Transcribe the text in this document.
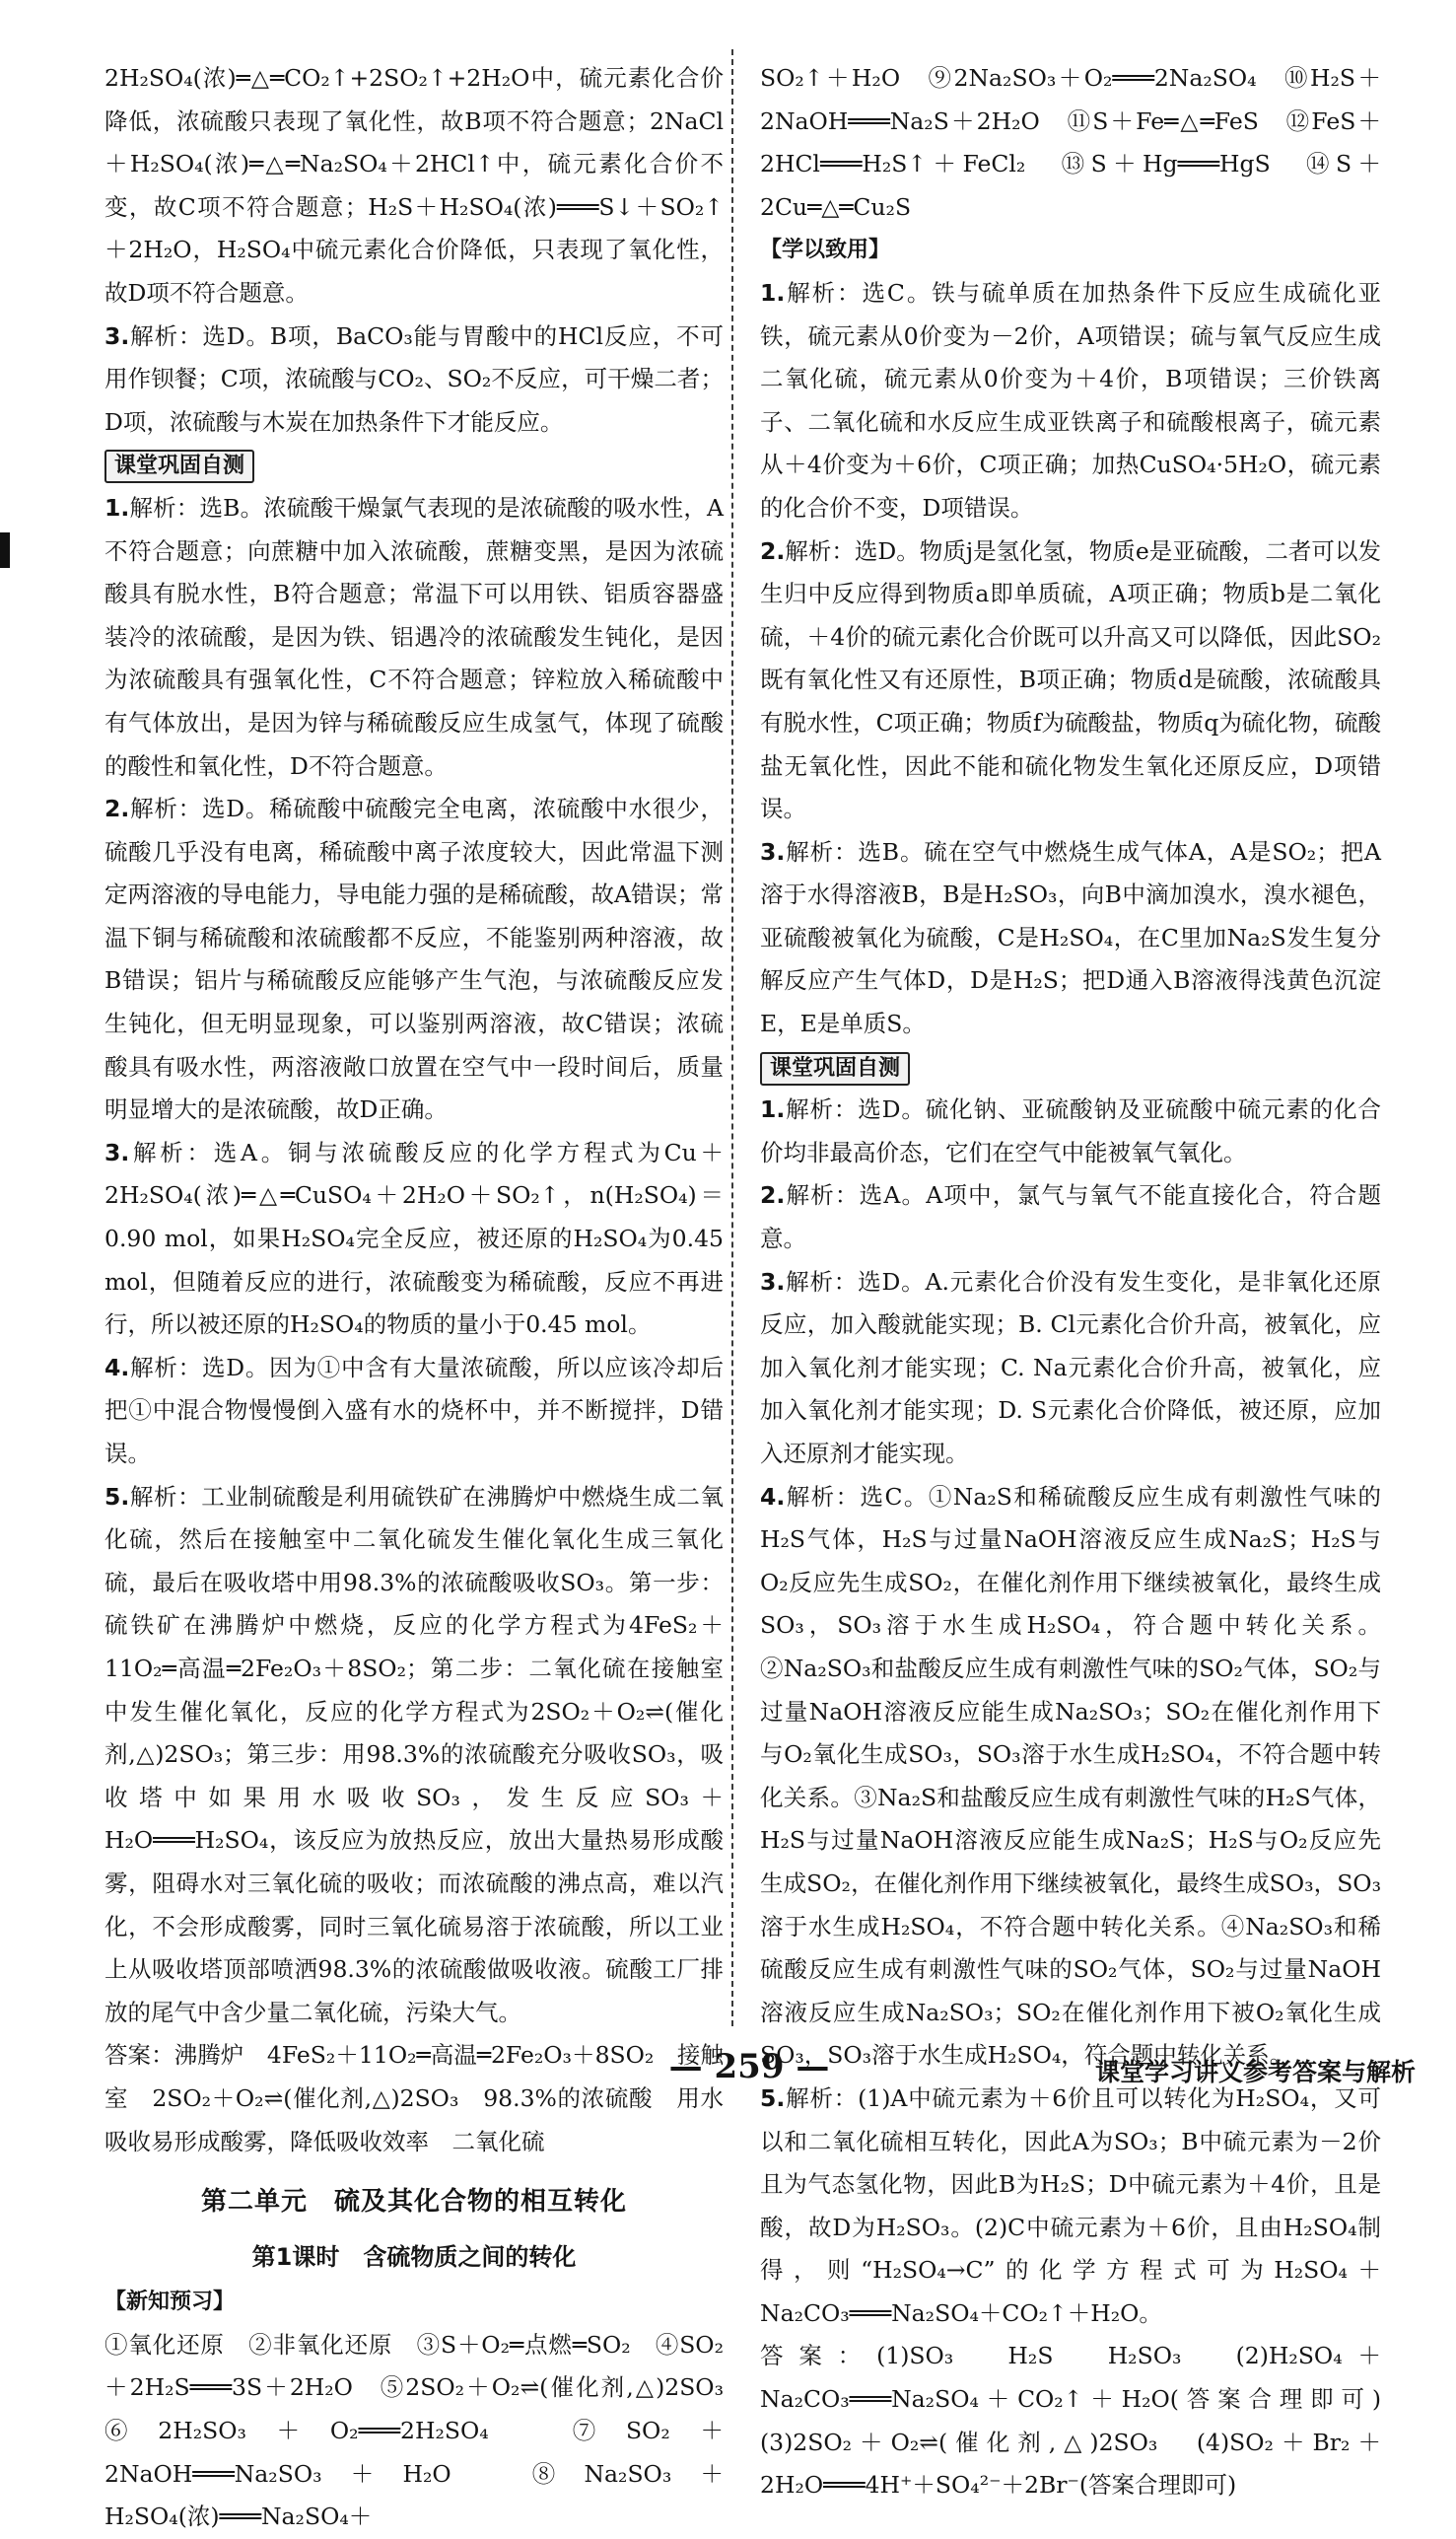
2H₂SO₄(浓)═△═CO₂↑+2SO₂↑+2H₂O中，硫元素化合价降低，浓硫酸只表现了氧化性，故B项不符合题意；2NaCl＋H₂SO₄(浓)═△═Na₂SO₄＋2HCl↑中，硫元素化合价不变，故C项不符合题意；H₂S＋H₂SO₄(浓)═══S↓＋SO₂↑＋2H₂O，H₂SO₄中硫元素化合价降低，只表现了氧化性，故D项不符合题意。

3.解析：选D。B项，BaCO₃能与胃酸中的HCl反应，不可用作钡餐；C项，浓硫酸与CO₂、SO₂不反应，可干燥二者；D项，浓硫酸与木炭在加热条件下才能反应。

课堂巩固自测

1.解析：选B。浓硫酸干燥氯气表现的是浓硫酸的吸水性，A不符合题意；向蔗糖中加入浓硫酸，蔗糖变黑，是因为浓硫酸具有脱水性，B符合题意；常温下可以用铁、铝质容器盛装冷的浓硫酸，是因为铁、铝遇冷的浓硫酸发生钝化，是因为浓硫酸具有强氧化性，C不符合题意；锌粒放入稀硫酸中有气体放出，是因为锌与稀硫酸反应生成氢气，体现了硫酸的酸性和氧化性，D不符合题意。

2.解析：选D。稀硫酸中硫酸完全电离，浓硫酸中水很少，硫酸几乎没有电离，稀硫酸中离子浓度较大，因此常温下测定两溶液的导电能力，导电能力强的是稀硫酸，故A错误；常温下铜与稀硫酸和浓硫酸都不反应，不能鉴别两种溶液，故B错误；铝片与稀硫酸反应能够产生气泡，与浓硫酸反应发生钝化，但无明显现象，可以鉴别两溶液，故C错误；浓硫酸具有吸水性，两溶液敞口放置在空气中一段时间后，质量明显增大的是浓硫酸，故D正确。

3.解析：选A。铜与浓硫酸反应的化学方程式为Cu＋2H₂SO₄(浓)═△═CuSO₄＋2H₂O＋SO₂↑，n(H₂SO₄)＝0.90 mol，如果H₂SO₄完全反应，被还原的H₂SO₄为0.45 mol，但随着反应的进行，浓硫酸变为稀硫酸，反应不再进行，所以被还原的H₂SO₄的物质的量小于0.45 mol。

4.解析：选D。因为①中含有大量浓硫酸，所以应该冷却后把①中混合物慢慢倒入盛有水的烧杯中，并不断搅拌，D错误。

5.解析：工业制硫酸是利用硫铁矿在沸腾炉中燃烧生成二氧化硫，然后在接触室中二氧化硫发生催化氧化生成三氧化硫，最后在吸收塔中用98.3%的浓硫酸吸收SO₃。第一步：硫铁矿在沸腾炉中燃烧，反应的化学方程式为4FeS₂＋11O₂═高温═2Fe₂O₃＋8SO₂；第二步：二氧化硫在接触室中发生催化氧化，反应的化学方程式为2SO₂＋O₂⇌(催化剂,△)2SO₃；第三步：用98.3%的浓硫酸充分吸收SO₃，吸收塔中如果用水吸收SO₃，发生反应SO₃＋H₂O═══H₂SO₄，该反应为放热反应，放出大量热易形成酸雾，阻碍水对三氧化硫的吸收；而浓硫酸的沸点高，难以汽化，不会形成酸雾，同时三氧化硫易溶于浓硫酸，所以工业上从吸收塔顶部喷洒98.3%的浓硫酸做吸收液。硫酸工厂排放的尾气中含少量二氧化硫，污染大气。

答案：沸腾炉　4FeS₂＋11O₂═高温═2Fe₂O₃＋8SO₂　接触室　2SO₂＋O₂⇌(催化剂,△)2SO₃　98.3%的浓硫酸　用水吸收易形成酸雾，降低吸收效率　二氧化硫

第二单元　硫及其化合物的相互转化
第1课时　含硫物质之间的转化
【新知预习】

①氧化还原　②非氧化还原　③S＋O₂═点燃═SO₂　④SO₂＋2H₂S═══3S＋2H₂O　⑤2SO₂＋O₂⇌(催化剂,△)2SO₃　⑥2H₂SO₃＋O₂═══2H₂SO₄　⑦SO₂＋2NaOH═══Na₂SO₃＋H₂O　⑧Na₂SO₃＋H₂SO₄(浓)═══Na₂SO₄＋

SO₂↑＋H₂O　⑨2Na₂SO₃＋O₂═══2Na₂SO₄　⑩H₂S＋2NaOH═══Na₂S＋2H₂O　⑪S＋Fe═△═FeS　⑫FeS＋2HCl═══H₂S↑＋FeCl₂　⑬S＋Hg═══HgS　⑭S＋2Cu═△═Cu₂S

【学以致用】

1.解析：选C。铁与硫单质在加热条件下反应生成硫化亚铁，硫元素从0价变为－2价，A项错误；硫与氧气反应生成二氧化硫，硫元素从0价变为＋4价，B项错误；三价铁离子、二氧化硫和水反应生成亚铁离子和硫酸根离子，硫元素从＋4价变为＋6价，C项正确；加热CuSO₄·5H₂O，硫元素的化合价不变，D项错误。

2.解析：选D。物质j是氢化氢，物质e是亚硫酸，二者可以发生归中反应得到物质a即单质硫，A项正确；物质b是二氧化硫，＋4价的硫元素化合价既可以升高又可以降低，因此SO₂既有氧化性又有还原性，B项正确；物质d是硫酸，浓硫酸具有脱水性，C项正确；物质f为硫酸盐，物质q为硫化物，硫酸盐无氧化性，因此不能和硫化物发生氧化还原反应，D项错误。

3.解析：选B。硫在空气中燃烧生成气体A，A是SO₂；把A溶于水得溶液B，B是H₂SO₃，向B中滴加溴水，溴水褪色，亚硫酸被氧化为硫酸，C是H₂SO₄，在C里加Na₂S发生复分解反应产生气体D，D是H₂S；把D通入B溶液得浅黄色沉淀E，E是单质S。

课堂巩固自测

1.解析：选D。硫化钠、亚硫酸钠及亚硫酸中硫元素的化合价均非最高价态，它们在空气中能被氧气氧化。

2.解析：选A。A项中，氯气与氧气不能直接化合，符合题意。

3.解析：选D。A.元素化合价没有发生变化，是非氧化还原反应，加入酸就能实现；B. Cl元素化合价升高，被氧化，应加入氧化剂才能实现；C. Na元素化合价升高，被氧化，应加入氧化剂才能实现；D. S元素化合价降低，被还原，应加入还原剂才能实现。

4.解析：选C。①Na₂S和稀硫酸反应生成有刺激性气味的H₂S气体，H₂S与过量NaOH溶液反应生成Na₂S；H₂S与O₂反应先生成SO₂，在催化剂作用下继续被氧化，最终生成SO₃，SO₃溶于水生成H₂SO₄，符合题中转化关系。②Na₂SO₃和盐酸反应生成有刺激性气味的SO₂气体，SO₂与过量NaOH溶液反应能生成Na₂SO₃；SO₂在催化剂作用下与O₂氧化生成SO₃，SO₃溶于水生成H₂SO₄，不符合题中转化关系。③Na₂S和盐酸反应生成有刺激性气味的H₂S气体，H₂S与过量NaOH溶液反应能生成Na₂S；H₂S与O₂反应先生成SO₂，在催化剂作用下继续被氧化，最终生成SO₃，SO₃溶于水生成H₂SO₄，不符合题中转化关系。④Na₂SO₃和稀硫酸反应生成有刺激性气味的SO₂气体，SO₂与过量NaOH溶液反应生成Na₂SO₃；SO₂在催化剂作用下被O₂氧化生成SO₃，SO₃溶于水生成H₂SO₄，符合题中转化关系。

5.解析：(1)A中硫元素为＋6价且可以转化为H₂SO₄，又可以和二氧化硫相互转化，因此A为SO₃；B中硫元素为－2价且为气态氢化物，因此B为H₂S；D中硫元素为＋4价，且是酸，故D为H₂SO₃。(2)C中硫元素为＋6价，且由H₂SO₄制得，则“H₂SO₄→C”的化学方程式可为H₂SO₄＋Na₂CO₃═══Na₂SO₄＋CO₂↑＋H₂O。

答案：(1)SO₃　H₂S　H₂SO₃　(2)H₂SO₄＋Na₂CO₃═══Na₂SO₄＋CO₂↑＋H₂O(答案合理即可)　(3)2SO₂＋O₂⇌(催化剂,△)2SO₃　(4)SO₂＋Br₂＋2H₂O═══4H⁺＋SO₄²⁻＋2Br⁻(答案合理即可)

— 259 —	课堂学习讲义参考答案与解析
